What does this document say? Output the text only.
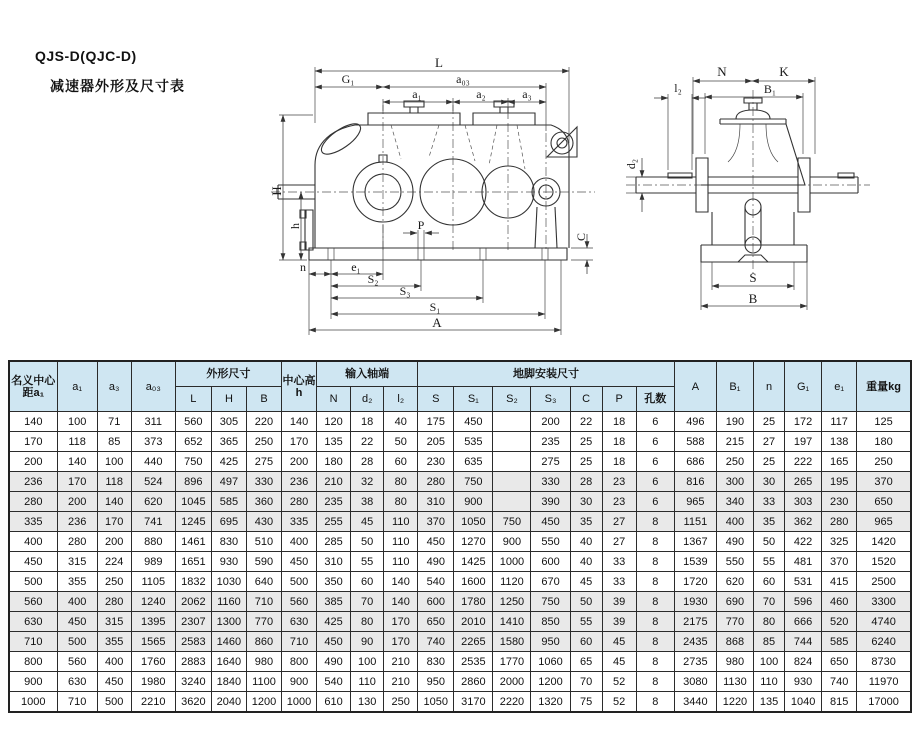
QJS-D(QJC-D)
减速器外形及尺寸表
L
G₁	a₀₃
a₁	a₂	a₃
H
h	P
C
n	e₁
S₂
S₃
S₁
A
N	K
l₂	B₁
d₂
S
B
名义中心距a₁	a₁	a₃	a₀₃	外形尺寸			中心高h	输入轴端			地脚安装尺寸							A	B₁	n	G₁	e₁	重量kg
				L	H	B		N	d₂	l₂	S	S₁	S₂	S₃	C	P	孔数						
140	100	71	311	560	305	220	140	120	18	40	175	450		200	22	18	6	496	190	25	172	117	125
170	118	85	373	652	365	250	170	135	22	50	205	535		235	25	18	6	588	215	27	197	138	180
200	140	100	440	750	425	275	200	180	28	60	230	635		275	25	18	6	686	250	25	222	165	250
236	170	118	524	896	497	330	236	210	32	80	280	750		330	28	23	6	816	300	30	265	195	370
280	200	140	620	1045	585	360	280	235	38	80	310	900		390	30	23	6	965	340	33	303	230	650
335	236	170	741	1245	695	430	335	255	45	110	370	1050	750	450	35	27	8	1151	400	35	362	280	965
400	280	200	880	1461	830	510	400	285	50	110	450	1270	900	550	40	27	8	1367	490	50	422	325	1420
450	315	224	989	1651	930	590	450	310	55	110	490	1425	1000	600	40	33	8	1539	550	55	481	370	1520
500	355	250	1105	1832	1030	640	500	350	60	140	540	1600	1120	670	45	33	8	1720	620	60	531	415	2500
560	400	280	1240	2062	1160	710	560	385	70	140	600	1780	1250	750	50	39	8	1930	690	70	596	460	3300
630	450	315	1395	2307	1300	770	630	425	80	170	650	2010	1410	850	55	39	8	2175	770	80	666	520	4740
710	500	355	1565	2583	1460	860	710	450	90	170	740	2265	1580	950	60	45	8	2435	868	85	744	585	6240
800	560	400	1760	2883	1640	980	800	490	100	210	830	2535	1770	1060	65	45	8	2735	980	100	824	650	8730
900	630	450	1980	3240	1840	1100	900	540	110	210	950	2860	2000	1200	70	52	8	3080	1130	110	930	740	11970
1000	710	500	2210	3620	2040	1200	1000	610	130	250	1050	3170	2220	1320	75	52	8	3440	1220	135	1040	815	17000
